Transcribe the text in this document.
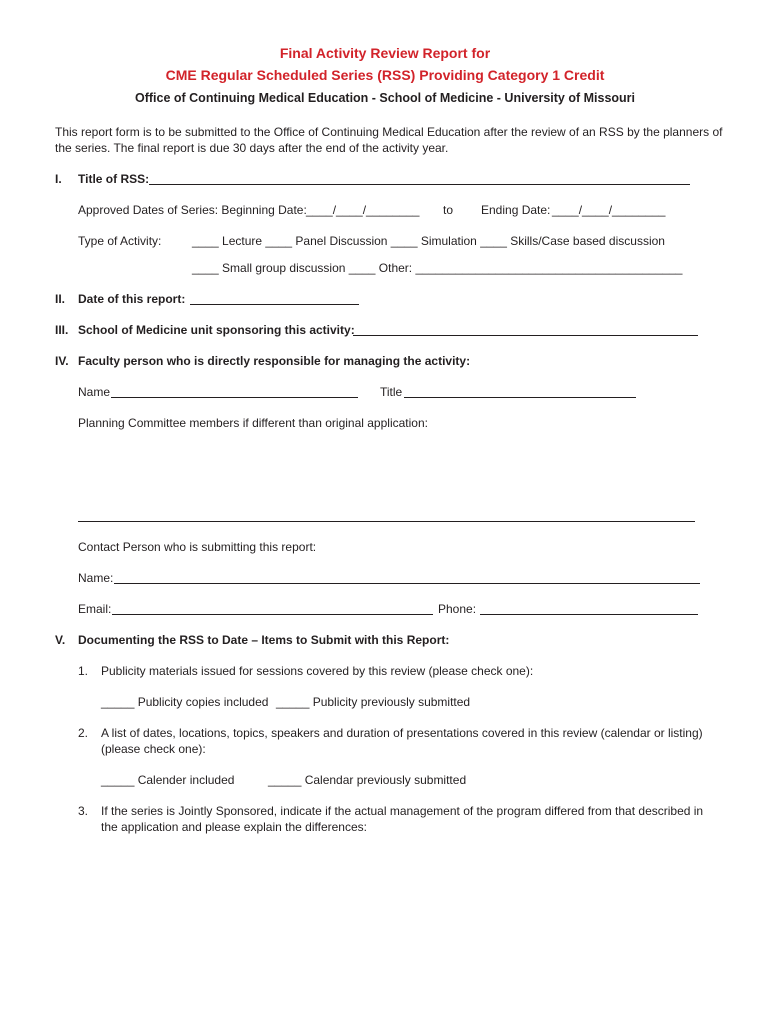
Final Activity Review Report for
CME Regular Scheduled Series (RSS) Providing Category 1 Credit
Office of Continuing Medical Education - School of Medicine - University of Missouri
This report form is to be submitted to the Office of Continuing Medical Education after the review of an RSS by the planners of
the series. The final report is due 30 days after the end of the activity year.
I. Title of RSS:
Approved Dates of Series: Beginning Date: ____/____/________ to Ending Date: ____/____/________
Type of Activity:	____ Lecture ____ Panel Discussion ____ Simulation ____ Skills/Case based discussion
____ Small group discussion ____ Other: ________________________________________
II. Date of this report:
III. School of Medicine unit sponsoring this activity:
IV. Faculty person who is directly responsible for managing the activity:
Name	Title
Planning Committee members if different than original application:
Contact Person who is submitting this report:
Name:
Email:	Phone:
V. Documenting the RSS to Date – Items to Submit with this Report:
1. Publicity materials issued for sessions covered by this review (please check one):
_____ Publicity copies included _____ Publicity previously submitted
2. A list of dates, locations, topics, speakers and duration of presentations covered in this review (calendar or listing)
(please check one):
_____ Calender included	_____ Calendar previously submitted
3. If the series is Jointly Sponsored, indicate if the actual management of the program differed from that described in
the application and please explain the differences:
